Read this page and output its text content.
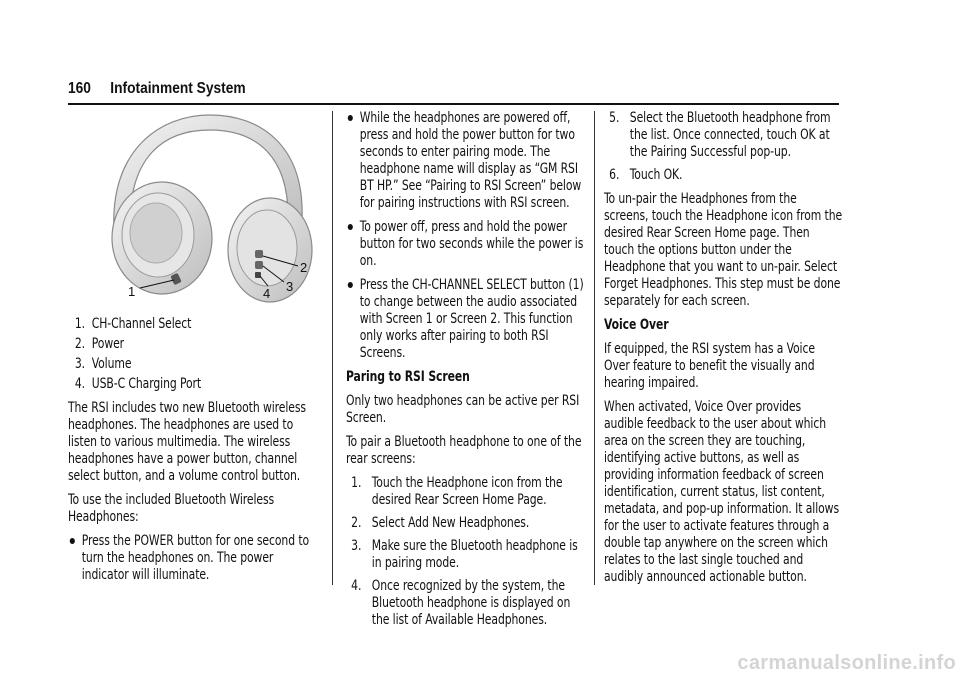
160 Infotainment System
1
2
3
4
1. CH-Channel Select
2. Power
3. Volume
4. USB-C Charging Port

The RSI includes two new Bluetooth wireless headphones. The headphones are used to listen to various multimedia. The wireless headphones have a power button, channel select button, and a volume control button.

To use the included Bluetooth Wireless Headphones:

Press the POWER button for one second to turn the headphones on. The power indicator will illuminate.
While the headphones are powered off, press and hold the power button for two seconds to enter pairing mode. The headphone name will display as “GM RSI BT HP.” See “Pairing to RSI Screen” below for pairing instructions with RSI screen.
To power off, press and hold the power button for two seconds while the power is on.
Press the CH-CHANNEL SELECT button (1) to change between the audio associated with Screen 1 or Screen 2. This function only works after pairing to both RSI Screens.

Paring to RSI Screen

Only two headphones can be active per RSI Screen.

To pair a Bluetooth headphone to one of the rear screens:

1. Touch the Headphone icon from the desired Rear Screen Home Page.
2. Select Add New Headphones.
3. Make sure the Bluetooth headphone is in pairing mode.
4. Once recognized by the system, the Bluetooth headphone is displayed on the list of Available Headphones.
5. Select the Bluetooth headphone from the list. Once connected, touch OK at the Pairing Successful pop-up.
6. Touch OK.

To un-pair the Headphones from the screens, touch the Headphone icon from the desired Rear Screen Home page. Then touch the options button under the Headphone that you want to un-pair. Select Forget Headphones. This step must be done separately for each screen.

Voice Over

If equipped, the RSI system has a Voice Over feature to benefit the visually and hearing impaired.

When activated, Voice Over provides audible feedback to the user about which area on the screen they are touching, identifying active buttons, as well as providing information feedback of screen identification, current status, list content, metadata, and pop-up information. It allows for the user to activate features through a double tap anywhere on the screen which relates to the last single touched and audibly announced actionable button.

carmanualsonline.info
